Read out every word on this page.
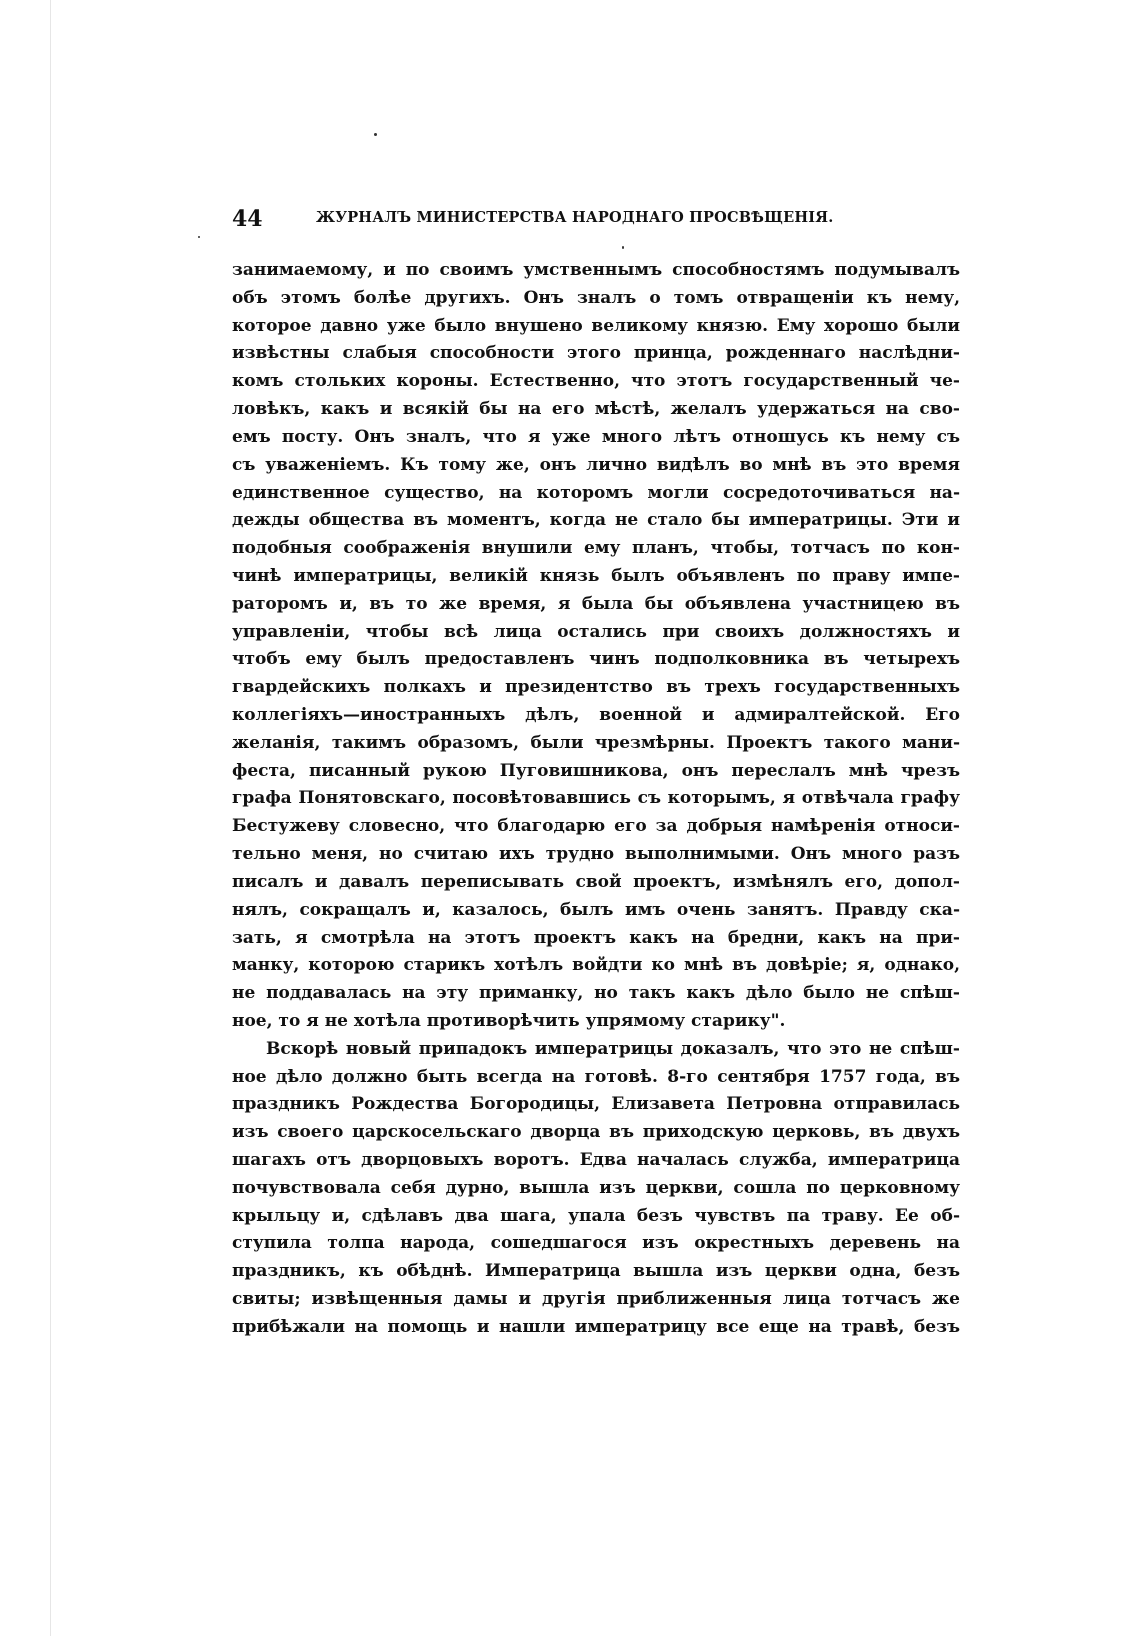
44	ЖУРНАЛЪ МИНИСТЕРСТВА НАРОДНАГО ПРОСВѢЩЕНІЯ.
занимаемому, и по своимъ умственнымъ способностямъ подумывалъ
объ этомъ болѣе другихъ. Онъ зналъ о томъ отвращеніи къ нему,
которое давно уже было внушено великому князю. Ему хорошо были
извѣстны слабыя способности этого принца, рожденнаго наслѣдни-
комъ стольких короны. Естественно, что этотъ государственный че-
ловѣкъ, какъ и всякій бы на его мѣстѣ, желалъ удержаться на сво-
емъ посту. Онъ зналъ, что я уже много лѣтъ отношусь къ нему съ
съ уваженіемъ. Къ тому же, онъ лично видѣлъ во мнѣ въ это время
единственное существо, на которомъ могли сосредоточиваться на-
дежды общества въ моментъ, когда не стало бы императрицы. Эти и
подобныя соображенія внушили ему планъ, чтобы, тотчасъ по кон-
чинѣ императрицы, великій князь былъ объявленъ по праву импе-
раторомъ и, въ то же время, я была бы объявлена участницею въ
управленіи, чтобы всѣ лица остались при своихъ должностяхъ и
чтобъ ему былъ предоставленъ чинъ подполковника въ четырехъ
гвардейскихъ полкахъ и президентство въ трехъ государственныхъ
коллегіяхъ—иностранныхъ дѣлъ, военной и адмиралтейской. Его
желанія, такимъ образомъ, были чрезмѣрны. Проектъ такого мани-
феста, писанный рукою Пуговишникова, онъ переслалъ мнѣ чрезъ
графа Понятовскаго, посовѣтовавшись съ которымъ, я отвѣчала графу
Бестужеву словесно, что благодарю его за добрыя намѣренія относи-
тельно меня, но считаю ихъ трудно выполнимыми. Онъ много разъ
писалъ и давалъ переписывать свой проектъ, измѣнялъ его, допол-
нялъ, сокращалъ и, казалось, былъ имъ очень занятъ. Правду ска-
зать, я смотрѣла на этотъ проектъ какъ на бредни, какъ на при-
манку, которою старикъ хотѣлъ войдти ко мнѣ въ довѣріе; я, однако,
не поддавалась на эту приманку, но такъ какъ дѣло было не спѣш-
ное, то я не хотѣла противорѣчить упрямому старику".
Вскорѣ новый припадокъ императрицы доказалъ, что это не спѣш-
ное дѣло должно быть всегда на готовѣ. 8-го сентября 1757 года, въ
праздникъ Рождества Богородицы, Елизавета Петровна отправилась
изъ своего царскосельскаго дворца въ приходскую церковь, въ двухъ
шагахъ отъ дворцовыхъ воротъ. Едва началась служба, императрица
почувствовала себя дурно, вышла изъ церкви, сошла по церковному
крыльцу и, сдѣлавъ два шага, упала безъ чувствъ па траву. Ее об-
ступила толпа народа, сошедшагося изъ окрестныхъ деревень на
праздникъ, къ обѣднѣ. Императрица вышла изъ церкви одна, безъ
свиты; извѣщенныя дамы и другія приближенныя лица тотчасъ же
прибѣжали на помощь и нашли императрицу все еще на травѣ, безъ
